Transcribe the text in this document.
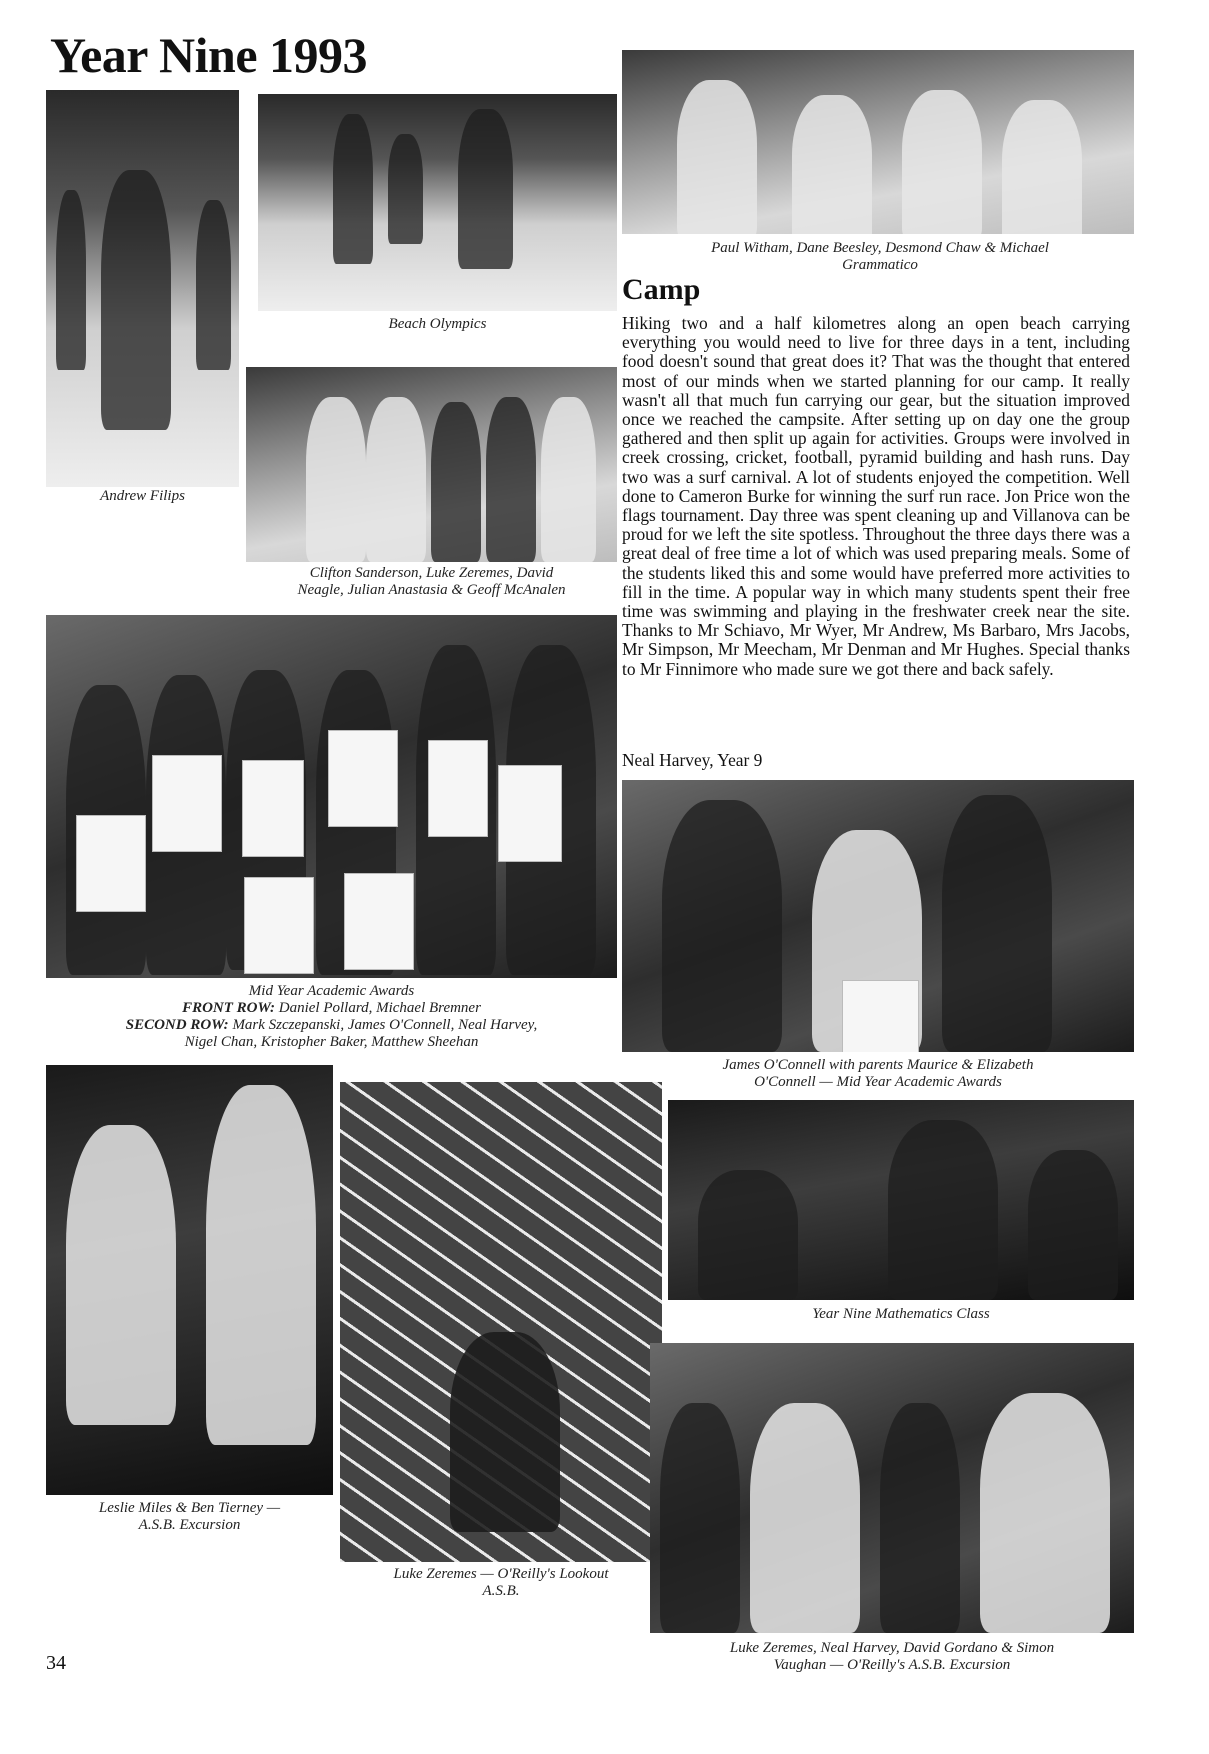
Year Nine 1993
Andrew Filips
Beach Olympics
Paul Witham, Dane Beesley, Desmond Chaw & Michael Grammatico
Camp

Hiking two and a half kilometres along an open beach carrying everything you would need to live for three days in a tent, including food doesn't sound that great does it? That was the thought that entered most of our minds when we started planning for our camp. It really wasn't all that much fun carrying our gear, but the situation improved once we reached the campsite. After setting up on day one the group gathered and then split up again for activities. Groups were involved in creek crossing, cricket, football, pyramid building and hash runs. Day two was a surf carnival. A lot of students enjoyed the competition. Well done to Cameron Burke for winning the surf run race. Jon Price won the flags tournament. Day three was spent cleaning up and Villanova can be proud for we left the site spotless. Throughout the three days there was a great deal of free time a lot of which was used preparing meals. Some of the students liked this and some would have preferred more activities to fill in the time. A popular way in which many students spent their free time was swimming and playing in the freshwater creek near the site. Thanks to Mr Schiavo, Mr Wyer, Mr Andrew, Ms Barbaro, Mrs Jacobs, Mr Simpson, Mr Meecham, Mr Denman and Mr Hughes. Special thanks to Mr Finnimore who made sure we got there and back safely.

Neal Harvey, Year 9
Clifton Sanderson, Luke Zeremes, David
Neagle, Julian Anastasia & Geoff McAnalen
Mid Year Academic Awards
FRONT ROW: Daniel Pollard, Michael Bremner
SECOND ROW: Mark Szczepanski, James O'Connell, Neal Harvey,
Nigel Chan, Kristopher Baker, Matthew Sheehan
James O'Connell with parents Maurice & Elizabeth
O'Connell — Mid Year Academic Awards
Year Nine Mathematics Class
Leslie Miles & Ben Tierney —
A.S.B. Excursion
Luke Zeremes — O'Reilly's Lookout
A.S.B.
Luke Zeremes, Neal Harvey, David Gordano & Simon
Vaughan — O'Reilly's A.S.B. Excursion
34
